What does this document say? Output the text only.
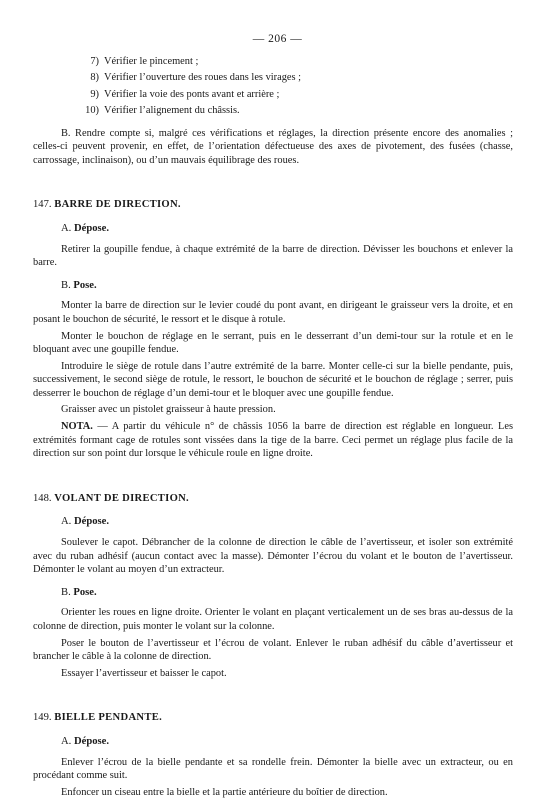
— 206 —
7) Vérifier le pincement ;
8) Vérifier l’ouverture des roues dans les virages ;
9) Vérifier la voie des ponts avant et arrière ;
10) Vérifier l’alignement du châssis.

B. Rendre compte si, malgré ces vérifications et réglages, la direction présente encore des anomalies ; celles-ci peuvent provenir, en effet, de l’orientation défectueuse des axes de pivotement, des fusées (chasse, carrossage, inclinaison), ou d’un mauvais équilibrage des roues.

147. BARRE DE DIRECTION.
A. Dépose.

Retirer la goupille fendue, à chaque extrémité de la barre de direction. Dévisser les bouchons et enlever la barre.

B. Pose.

Monter la barre de direction sur le levier coudé du pont avant, en dirigeant le graisseur vers la droite, et en posant le bouchon de sécurité, le ressort et le disque à rotule.

Monter le bouchon de réglage en le serrant, puis en le desserrant d’un demi-tour sur la rotule et en le bloquant avec une goupille fendue.

Introduire le siège de rotule dans l’autre extrémité de la barre. Monter celle-ci sur la bielle pendante, puis, successivement, le second siège de rotule, le ressort, le bouchon de sécurité et le bouchon de réglage ; serrer, puis desserrer le bouchon de réglage d’un demi-tour et le bloquer avec une goupille fendue.

Graisser avec un pistolet graisseur à haute pression.

NOTA. — A partir du véhicule n° de châssis 1056 la barre de direction est réglable en longueur. Les extrémités formant cage de rotules sont vissées dans la tige de la barre. Ceci permet un réglage plus facile de la direction sur son point dur lorsque le véhicule roule en ligne droite.

148. VOLANT DE DIRECTION.
A. Dépose.

Soulever le capot. Débrancher de la colonne de direction le câble de l’avertisseur, et isoler son extrémité avec du ruban adhésif (aucun contact avec la masse). Démonter l’écrou du volant et le bouton de l’avertisseur. Démonter le volant au moyen d’un extracteur.

B. Pose.

Orienter les roues en ligne droite. Orienter le volant en plaçant verticalement un de ses bras au-dessus de la colonne de direction, puis monter le volant sur la colonne.

Poser le bouton de l’avertisseur et l’écrou de volant. Enlever le ruban adhésif du câble d’avertisseur et brancher le câble à la colonne de direction.

Essayer l’avertisseur et baisser le capot.

149. BIELLE PENDANTE.
A. Dépose.

Enlever l’écrou de la bielle pendante et sa rondelle frein. Démonter la bielle avec un extracteur, ou en procédant comme suit.

Enfoncer un ciseau entre la bielle et la partie antérieure du boîtier de direction.
